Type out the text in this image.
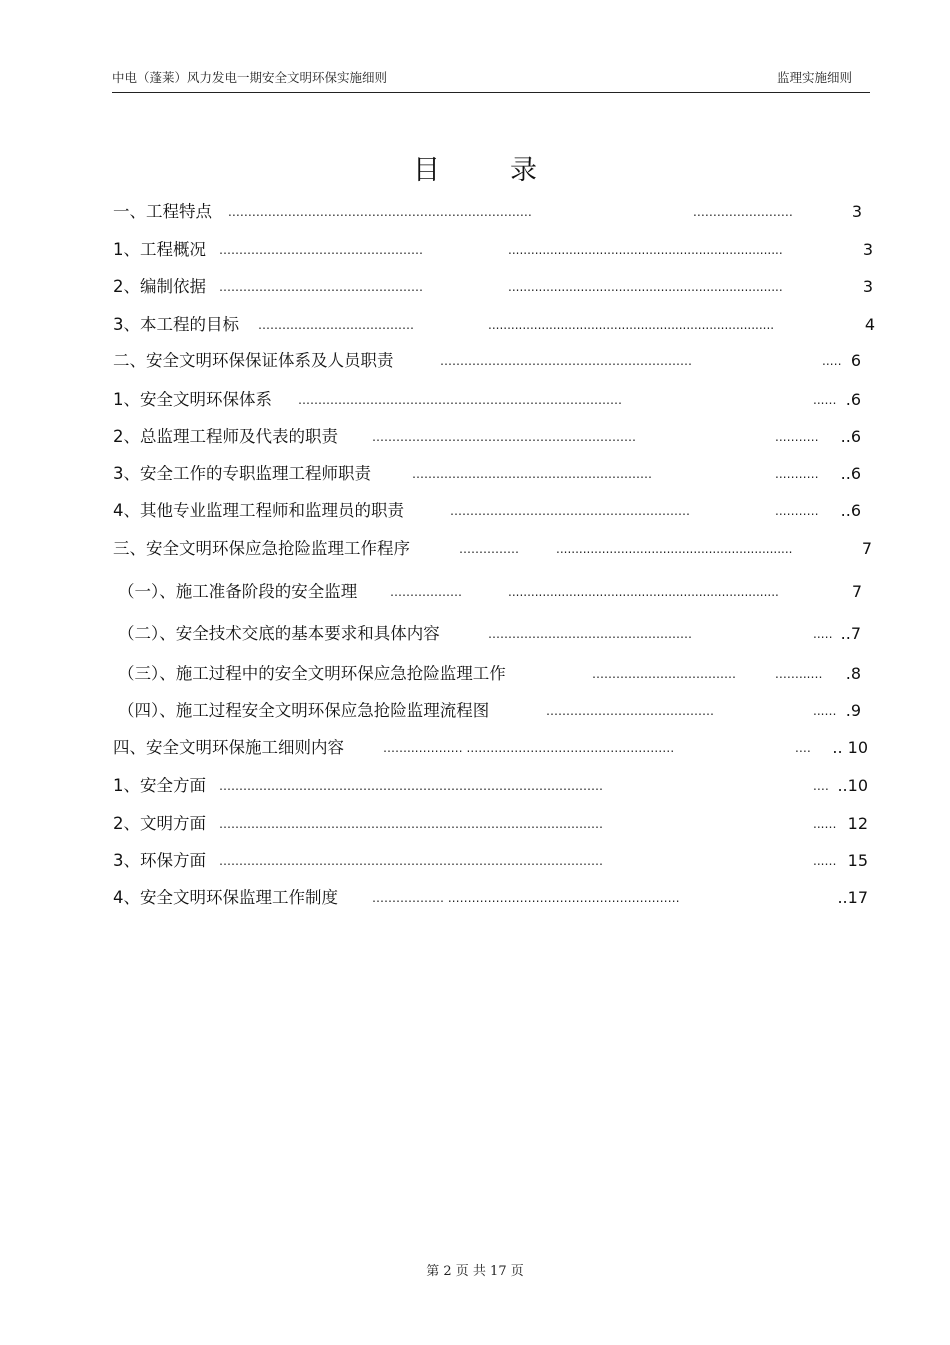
中电（蓬莱）风力发电一期安全文明环保实施细则	监理实施细则
目录
一、工程特点 .…………………………………………………………………	.……………………	3
1、工程概况 ……………………………………………	........................................................................	3
2、编制依据 ……………………………………………	........................................................................	3
3、本工程的目标 …………………………………	...........................................................................	4
二、安全文明环保保证体系及人员职责	………………………………………………………	..… 6
1、安全文明环保体系 ………………………………………………………………………	...… .6
2、总监理工程师及代表的职责	…………………………………………………………	..………	..6
3、安全工作的专职监理工程师职责	……………………………………………………	..………	..6
4、其他专业监理工程师和监理员的职责	……………………………………………………	..………	..6
三、安全文明环保应急抢险监理工作程序	……………	..............................................................	7
（一）、施工准备阶段的安全监理	………………	.......................................................................	7
（二）、安全技术交底的基本要求和具体内容	……………………………………………	..… ..7
（三）、施工过程中的安全文明环保应急抢险监理工作	………………………………	.……..…	.8
（四）、施工过程安全文明环保应急抢险监理流程图	……………………………………	...… .9
四、安全文明环保施工细则内容	……..………… .……………………………………………	.…	.. 10
1、安全方面 ……………………………………………………………………………………	.… ..10
2、文明方面 ……………………………………………………………………………………	...… 12
3、环保方面 ……………………………………………………………………………………	...… 15
4、安全文明环保监理工作制度	……………… .…………………………………………………	..17
第 2 页 共 17 页
